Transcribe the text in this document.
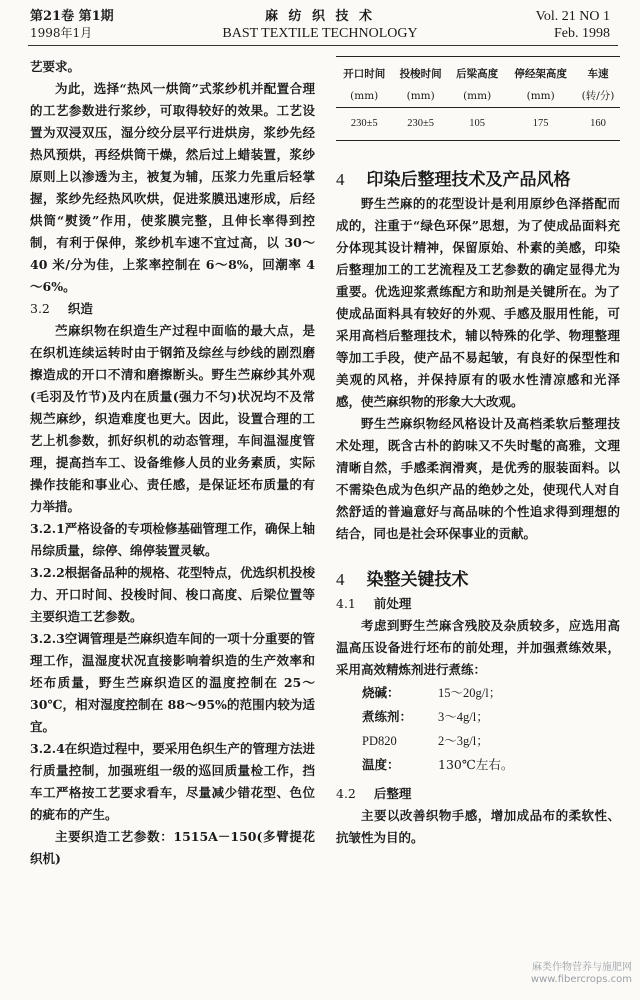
第21卷 第1期
1998年1月
麻 纺 织 技 术
BAST TEXTILE TECHNOLOGY
Vol. 21 NO 1
Feb. 1998

艺要求。

为此，选择“热风一烘筒”式浆纱机并配置合理的工艺参数进行浆纱，可取得较好的效果。工艺设置为双浸双压，湿分绞分层平行进烘房，浆纱先经热风预烘，再经烘筒干燥，然后过上蜡装置，浆纱原则上以渗透为主，被复为辅，压浆力先重后轻掌握，浆纱先经热风吹烘，促进浆膜迅速形成，后经烘筒“熨烫”作用，使浆膜完整，且伸长率得到控制，有利于保伸，浆纱机车速不宜过高，以 30～40 米/分为佳，上浆率控制在 6～8%，回潮率 4～6%。

3.2 织造

苎麻织物在织造生产过程中面临的最大点，是在织机连续运转时由于钢筘及综丝与纱线的剧烈磨擦造成的开口不清和磨擦断头。野生苎麻纱其外观(毛羽及竹节)及内在质量(强力不匀)状况均不及常规苎麻纱，织造难度也更大。因此，设置合理的工艺上机参数，抓好织机的动态管理，车间温湿度管理，提高挡车工、设备维修人员的业务素质，实际操作技能和事业心、责任感，是保证坯布质量的有力举措。

3.2.1严格设备的专项检修基础管理工作，确保上轴吊综质量，综停、绵停装置灵敏。

3.2.2根据备品种的规格、花型特点，优选织机投梭力、开口时间、投梭时间、梭口高度、后梁位置等 主要织造工艺参数。

3.2.3空调管理是苎麻织造车间的一项十分重要的管理工作，温湿度状况直接影响着织造的生产效率和坯布质量，野生苎麻织造区的温度控制在 25～30℃，相对湿度控制在 88～95%的范围内较为适宜。

3.2.4在织造过程中，要采用色织生产的管理方法进行质量控制，加强班组一级的巡回质量检工作，挡车工严格按工艺要求看车，尽量减少错花型、色位的疵布的产生。

主要织造工艺参数：1515A－150(多臂提花织机)

开口时间	投梭时间	后梁高度	停经架高度	车速
(mm)	(mm)	(mm)	(mm)	(转/分)
230±5	230±5	105	175	160

4 印染后整理技术及产品风格

野生苎麻的的花型设计是利用原纱色泽搭配而成的，注重于“绿色环保”思想，为了使成品面料充分体现其设计精神，保留原始、朴素的美感，印染后整理加工的工艺流程及工艺参数的确定显得尤为重要。优选迎浆煮练配方和助剂是关键所在。为了使成品面料具有较好的外观、手感及服用性能，可采用高档后整理技术，辅以特殊的化学、物理整理等加工手段，使产品不易起皱，有良好的保型性和美观的风格，并保持原有的吸水性清凉感和光泽感，使苎麻织物的形象大大改观。

野生苎麻织物经风格设计及高档柔软后整理技术处理，既含古朴的韵味又不失时髦的高雅，文理清晰自然，手感柔润滑爽，是优秀的服装面料。以不需染色成为色织产品的绝妙之处，使现代人对自然舒适的普遍意好与高品味的个性追求得到理想的结合，同也是社会环保事业的贡献。

4 染整关键技术

4.1 前处理

考虑到野生苎麻含残胶及杂质较多，应选用高温高压设备进行坯布的前处理，并加强煮练效果，采用高效精炼剂进行煮练：

烧碱：	15～20g/l；
煮练剂：	3～4g/l；
PD820	2～3g/l；
温度：	130℃左右。

4.2 后整理

主要以改善织物手感，增加成品布的柔软性、抗皱性为目的。

麻类作物营养与施肥网
www.fibercrops.com
